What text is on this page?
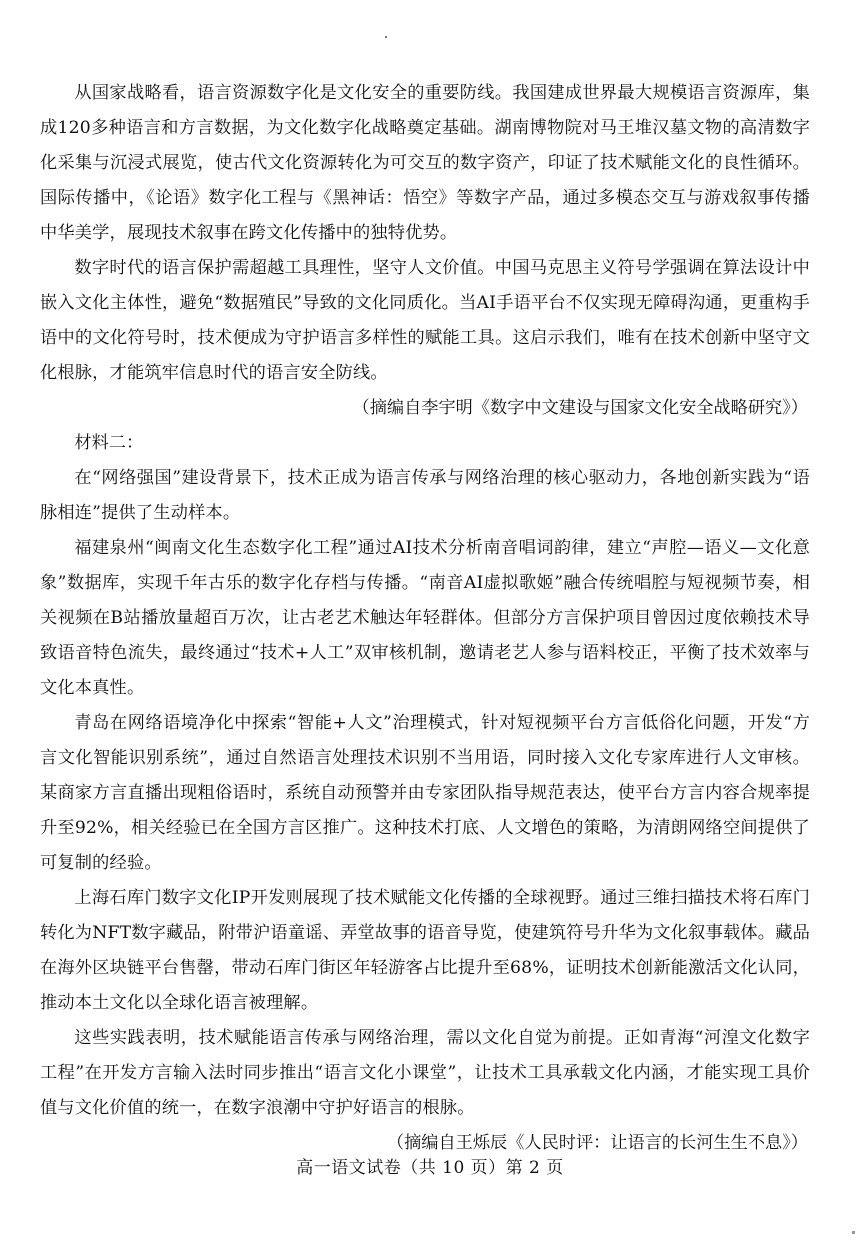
从国家战略看，语言资源数字化是文化安全的重要防线。我国建成世界最大规模语言资源库，集成120多种语言和方言数据，为文化数字化战略奠定基础。湖南博物院对马王堆汉墓文物的高清数字化采集与沉浸式展览，使古代文化资源转化为可交互的数字资产，印证了技术赋能文化的良性循环。国际传播中，《论语》数字化工程与《黑神话：悟空》等数字产品，通过多模态交互与游戏叙事传播中华美学，展现技术叙事在跨文化传播中的独特优势。

数字时代的语言保护需超越工具理性，坚守人文价值。中国马克思主义符号学强调在算法设计中嵌入文化主体性，避免“数据殖民”导致的文化同质化。当AI手语平台不仅实现无障碍沟通，更重构手语中的文化符号时，技术便成为守护语言多样性的赋能工具。这启示我们，唯有在技术创新中坚守文化根脉，才能筑牢信息时代的语言安全防线。

（摘编自李宇明《数字中文建设与国家文化安全战略研究》）

材料二：

在“网络强国”建设背景下，技术正成为语言传承与网络治理的核心驱动力，各地创新实践为“语脉相连”提供了生动样本。

福建泉州“闽南文化生态数字化工程”通过AI技术分析南音唱词韵律，建立“声腔—语义—文化意象”数据库，实现千年古乐的数字化存档与传播。“南音AI虚拟歌姬”融合传统唱腔与短视频节奏，相关视频在B站播放量超百万次，让古老艺术触达年轻群体。但部分方言保护项目曾因过度依赖技术导致语音特色流失，最终通过“技术+人工”双审核机制，邀请老艺人参与语料校正，平衡了技术效率与文化本真性。

青岛在网络语境净化中探索“智能+人文”治理模式，针对短视频平台方言低俗化问题，开发“方言文化智能识别系统”，通过自然语言处理技术识别不当用语，同时接入文化专家库进行人文审核。某商家方言直播出现粗俗语时，系统自动预警并由专家团队指导规范表达，使平台方言内容合规率提升至92%，相关经验已在全国方言区推广。这种技术打底、人文增色的策略，为清朗网络空间提供了可复制的经验。

上海石库门数字文化IP开发则展现了技术赋能文化传播的全球视野。通过三维扫描技术将石库门转化为NFT数字藏品，附带沪语童谣、弄堂故事的语音导览，使建筑符号升华为文化叙事载体。藏品在海外区块链平台售罄，带动石库门街区年轻游客占比提升至68%，证明技术创新能激活文化认同，推动本土文化以全球化语言被理解。

这些实践表明，技术赋能语言传承与网络治理，需以文化自觉为前提。正如青海“河湟文化数字工程”在开发方言输入法时同步推出“语言文化小课堂”，让技术工具承载文化内涵，才能实现工具价值与文化价值的统一，在数字浪潮中守护好语言的根脉。

（摘编自王烁辰《人民时评：让语言的长河生生不息》）

高一语文试卷（共 10 页）第 2 页
